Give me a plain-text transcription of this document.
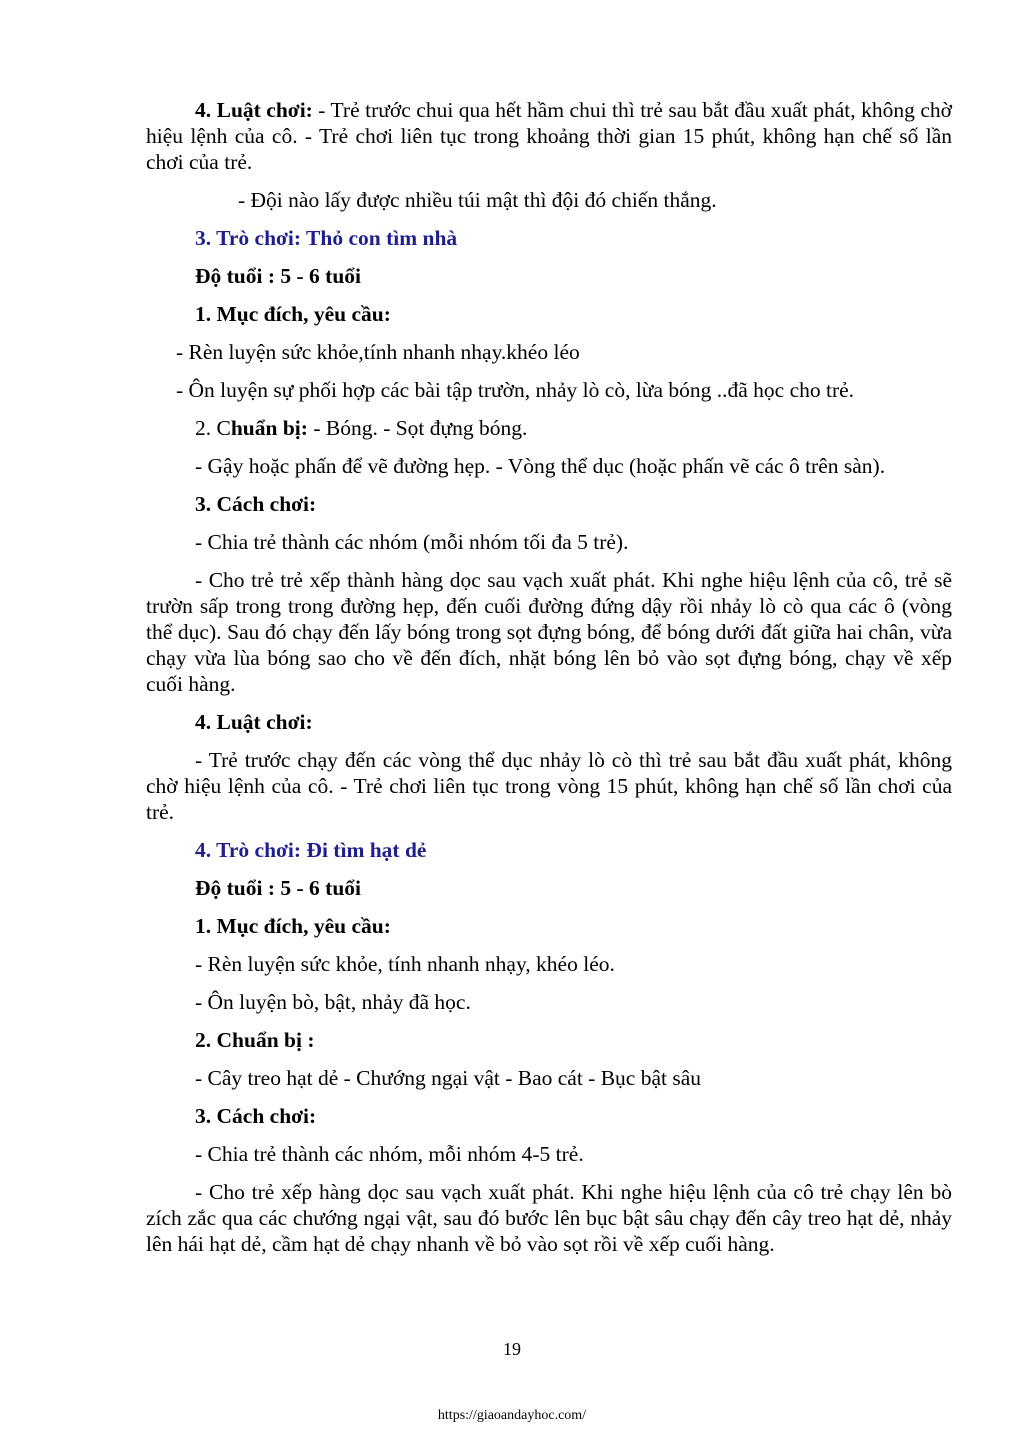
4. Luật chơi: - Trẻ trước chui qua hết hầm chui thì trẻ sau bắt đầu xuất phát, không chờ hiệu lệnh của cô. - Trẻ chơi liên tục trong khoảng thời gian 15 phút, không hạn chế số lần chơi của trẻ.

- Đội nào lấy được nhiều túi mật thì đội đó chiến thắng.

3. Trò chơi: Thỏ con tìm nhà

Độ tuổi : 5 - 6 tuổi

1. Mục đích, yêu cầu:

- Rèn luyện sức khỏe,tính nhanh nhạy.khéo léo

- Ôn luyện sự phối hợp các bài tập trườn, nhảy lò cò, lừa bóng ..đã học cho trẻ.

2. Chuẩn bị: - Bóng. - Sọt đựng bóng.

- Gậy hoặc phấn để vẽ đường hẹp. - Vòng thể dục (hoặc phấn vẽ các ô trên sàn).

3. Cách chơi:

- Chia trẻ thành các nhóm (mỗi nhóm tối đa 5 trẻ).

- Cho trẻ trẻ xếp thành hàng dọc sau vạch xuất phát. Khi nghe hiệu lệnh của cô, trẻ sẽ trườn sấp trong trong đường hẹp, đến cuối đường đứng dậy rồi nhảy lò cò qua các ô (vòng thể dục). Sau đó chạy đến lấy bóng trong sọt đựng bóng, để bóng dưới đất giữa hai chân, vừa chạy vừa lùa bóng sao cho về đến đích, nhặt bóng lên bỏ vào sọt đựng bóng, chạy về xếp cuối hàng.

4. Luật chơi:

- Trẻ trước chạy đến các vòng thể dục nhảy lò cò thì trẻ sau bắt đầu xuất phát, không chờ hiệu lệnh của cô. - Trẻ chơi liên tục trong vòng 15 phút, không hạn chế số lần chơi của trẻ.

4. Trò chơi: Đi tìm hạt dẻ

Độ tuổi : 5 - 6 tuổi

1. Mục đích, yêu cầu:

- Rèn luyện sức khỏe, tính nhanh nhạy, khéo léo.

- Ôn luyện bò, bật, nhảy đã học.

2. Chuẩn bị :

- Cây treo hạt dẻ - Chướng ngại vật - Bao cát - Bục bật sâu

3. Cách chơi:

- Chia trẻ thành các nhóm, mỗi nhóm 4-5 trẻ.

- Cho trẻ xếp hàng dọc sau vạch xuất phát. Khi nghe hiệu lệnh của cô trẻ chạy lên bò zích zắc qua các chướng ngại vật, sau đó bước lên bục bật sâu chạy đến cây treo hạt dẻ, nhảy lên hái hạt dẻ, cầm hạt dẻ chạy nhanh về bỏ vào sọt rồi về xếp cuối hàng.

19
https://giaoandayhoc.com/
